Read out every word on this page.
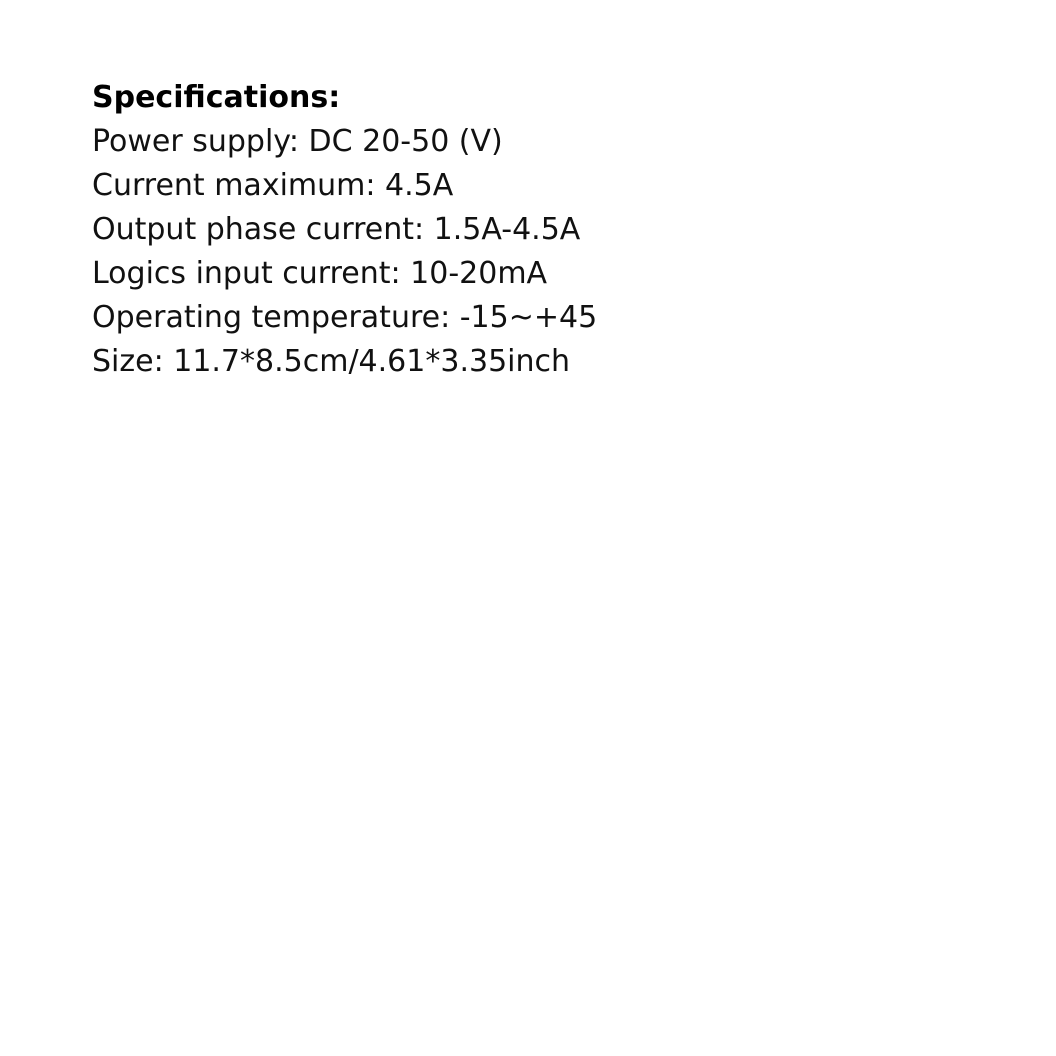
Specifications:
Power supply: DC 20-50 (V)
Current maximum: 4.5A
Output phase current: 1.5A-4.5A
Logics input current: 10-20mA
Operating temperature: -15~+45
Size: 11.7*8.5cm/4.61*3.35inch
